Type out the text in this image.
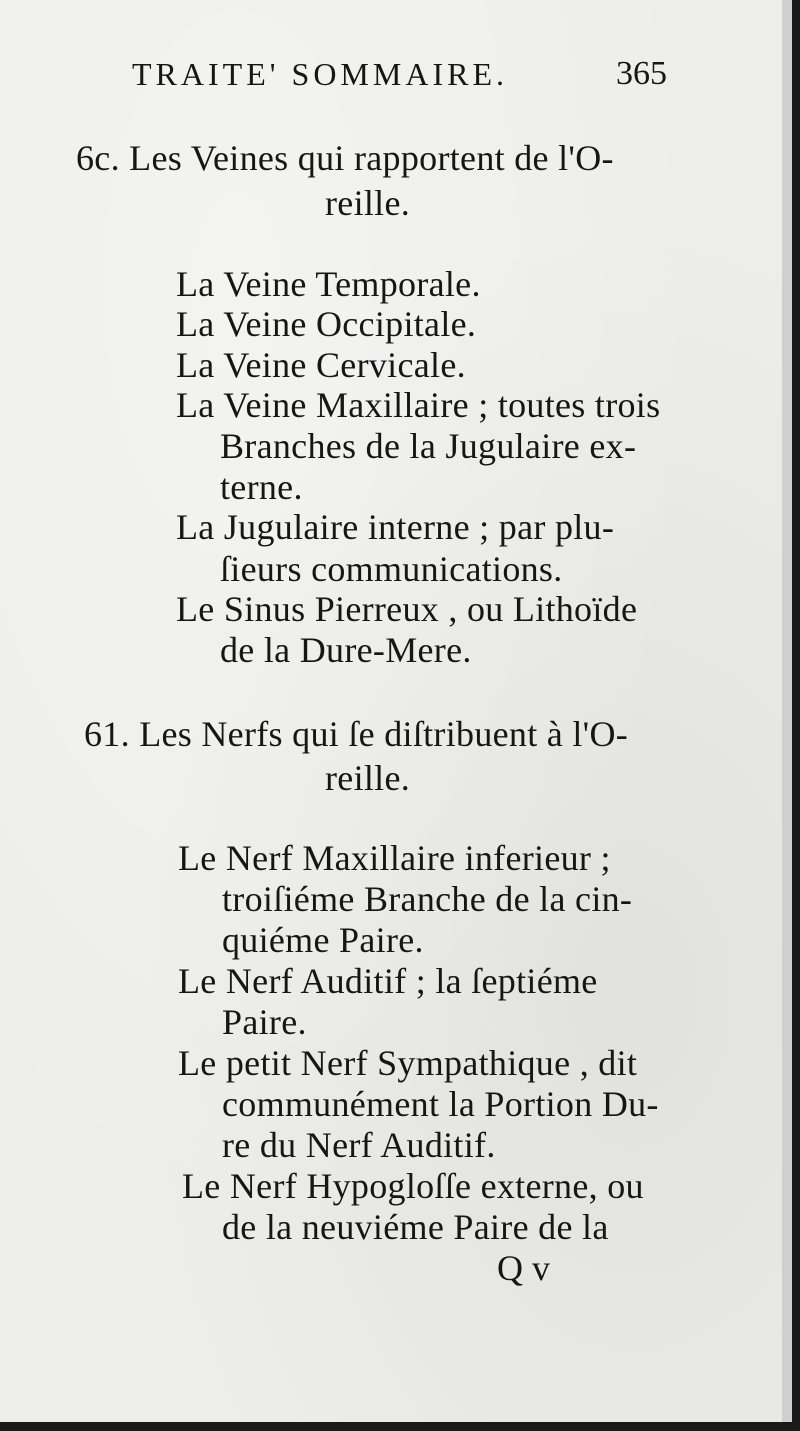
TRAITE' SOMMAIRE.	365
6c. Les Veines qui rapportent de l'O-
reille.
La Veine Temporale.
La Veine Occipitale.
La Veine Cervicale.
La Veine Maxillaire ; toutes trois
Branches de la Jugulaire ex-
terne.
La Jugulaire interne ; par plu-
ſieurs communications.
Le Sinus Pierreux , ou Lithoïde
de la Dure-Mere.
61. Les Nerfs qui ſe diſtribuent à l'O-
reille.
Le Nerf Maxillaire inferieur ;
troiſiéme Branche de la cin-
quiéme Paire.
Le Nerf Auditif ; la ſeptiéme
Paire.
Le petit Nerf Sympathique , dit
communément la Portion Du-
re du Nerf Auditif.
Le Nerf Hypogloſſe externe, ou
de la neuviéme Paire de la
Q v
